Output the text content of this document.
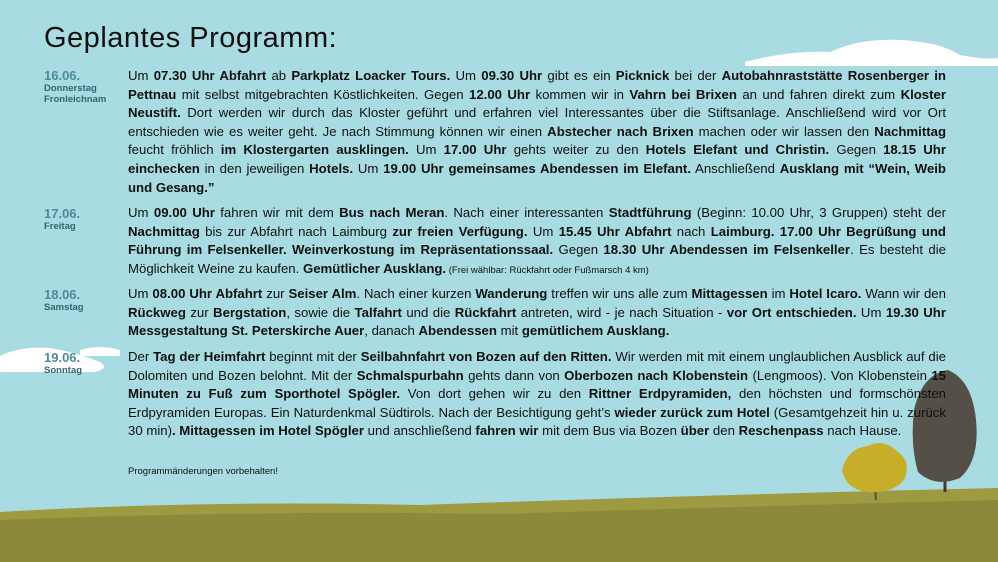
Geplantes Programm:
16.06.
Donnerstag
Fronleichnam
Um 07.30 Uhr Abfahrt ab Parkplatz Loacker Tours. Um 09.30 Uhr gibt es ein Picknick bei der Autobahnraststätte Rosenberger in Pettnau mit selbst mitgebrachten Köstlichkeiten. Gegen 12.00 Uhr kommen wir in Vahrn bei Brixen an und fahren direkt zum Kloster Neustift. Dort werden wir durch das Kloster geführt und erfahren viel Interessantes über die Stiftsanlage. Anschließend wird vor Ort entschieden wie es weiter geht. Je nach Stimmung können wir einen Abstecher nach Brixen machen oder wir lassen den Nachmittag feucht fröhlich im Klostergarten ausklingen. Um 17.00 Uhr gehts weiter zu den Hotels Elefant und Christin. Gegen 18.15 Uhr einchecken in den jeweiligen Hotels. Um 19.00 Uhr gemeinsames Abendessen im Elefant. Anschließend Ausklang mit “Wein, Weib und Gesang.”
17.06.
Freitag
Um 09.00 Uhr fahren wir mit dem Bus nach Meran. Nach einer interessanten Stadtführung (Beginn: 10.00 Uhr, 3 Gruppen) steht der Nachmittag bis zur Abfahrt nach Laimburg zur freien Verfügung. Um 15.45 Uhr Abfahrt nach Laimburg. 17.00 Uhr Begrüßung und Führung im Felsenkeller. Weinverkostung im Repräsentationssaal. Gegen 18.30 Uhr Abendessen im Felsenkeller. Es besteht die Möglichkeit Weine zu kaufen. Gemütlicher Ausklang. (Frei wählbar: Rückfahrt oder Fußmarsch 4 km)
18.06.
Samstag
Um 08.00 Uhr Abfahrt zur Seiser Alm. Nach einer kurzen Wanderung treffen wir uns alle zum Mittagessen im Hotel Icaro. Wann wir den Rückweg zur Bergstation, sowie die Talfahrt und die Rückfahrt antreten, wird - je nach Situation - vor Ort entschieden. Um 19.30 Uhr Messgestaltung St. Peterskirche Auer, danach Abendessen mit gemütlichem Ausklang.
19.06.
Sonntag
Der Tag der Heimfahrt beginnt mit der Seilbahnfahrt von Bozen auf den Ritten. Wir werden mit mit einem unglaublichen Ausblick auf die Dolomiten und Bozen belohnt. Mit der Schmalspurbahn gehts dann von Oberbozen nach Klobenstein (Lengmoos). Von Klobenstein 15 Minuten zu Fuß zum Sporthotel Spögler. Von dort gehen wir zu den Rittner Erdpyramiden, den höchsten und formschönsten Erdpyramiden Europas. Ein Naturdenkmal Südtirols. Nach der Besichtigung geht’s wieder zurück zum Hotel (Gesamtgehzeit hin u. zurück 30 min). Mittagessen im Hotel Spögler und anschließend fahren wir mit dem Bus via Bozen über den Reschenpass nach Hause.
Programmänderungen vorbehalten!
